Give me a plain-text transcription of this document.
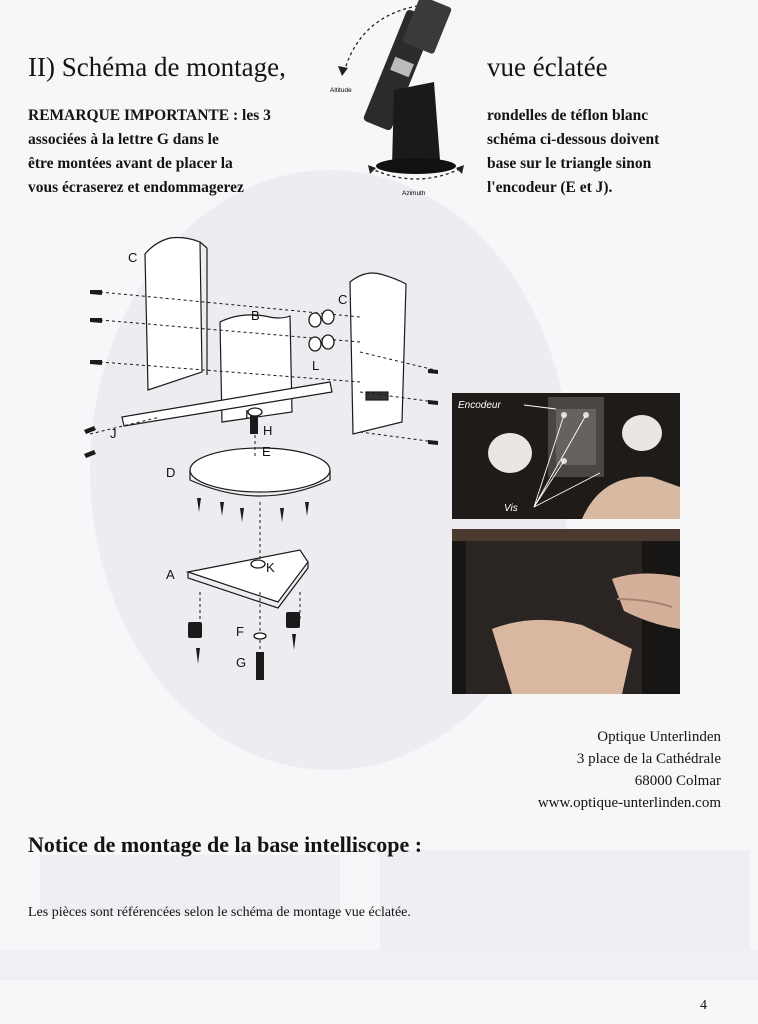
II) Schéma de montage,	vue éclatée
REMARQUE IMPORTANTE : les 3
associées à la lettre G dans le
être montées avant de placer la
vous écraserez et endommagerez
rondelles de téflon blanc
schéma ci-dessous doivent
base sur le triangle sinon
l'encodeur (E et J).
Altitude
Azimuth
C
B
C
L
I
H
E
J
D
K
A
F
G
Encodeur
Vis
Optique Unterlinden
3 place de la Cathédrale
68000 Colmar
www.optique-unterlinden.com
Notice de montage de la base intelliscope :
Les pièces sont référencées selon le schéma de montage vue éclatée.
4
